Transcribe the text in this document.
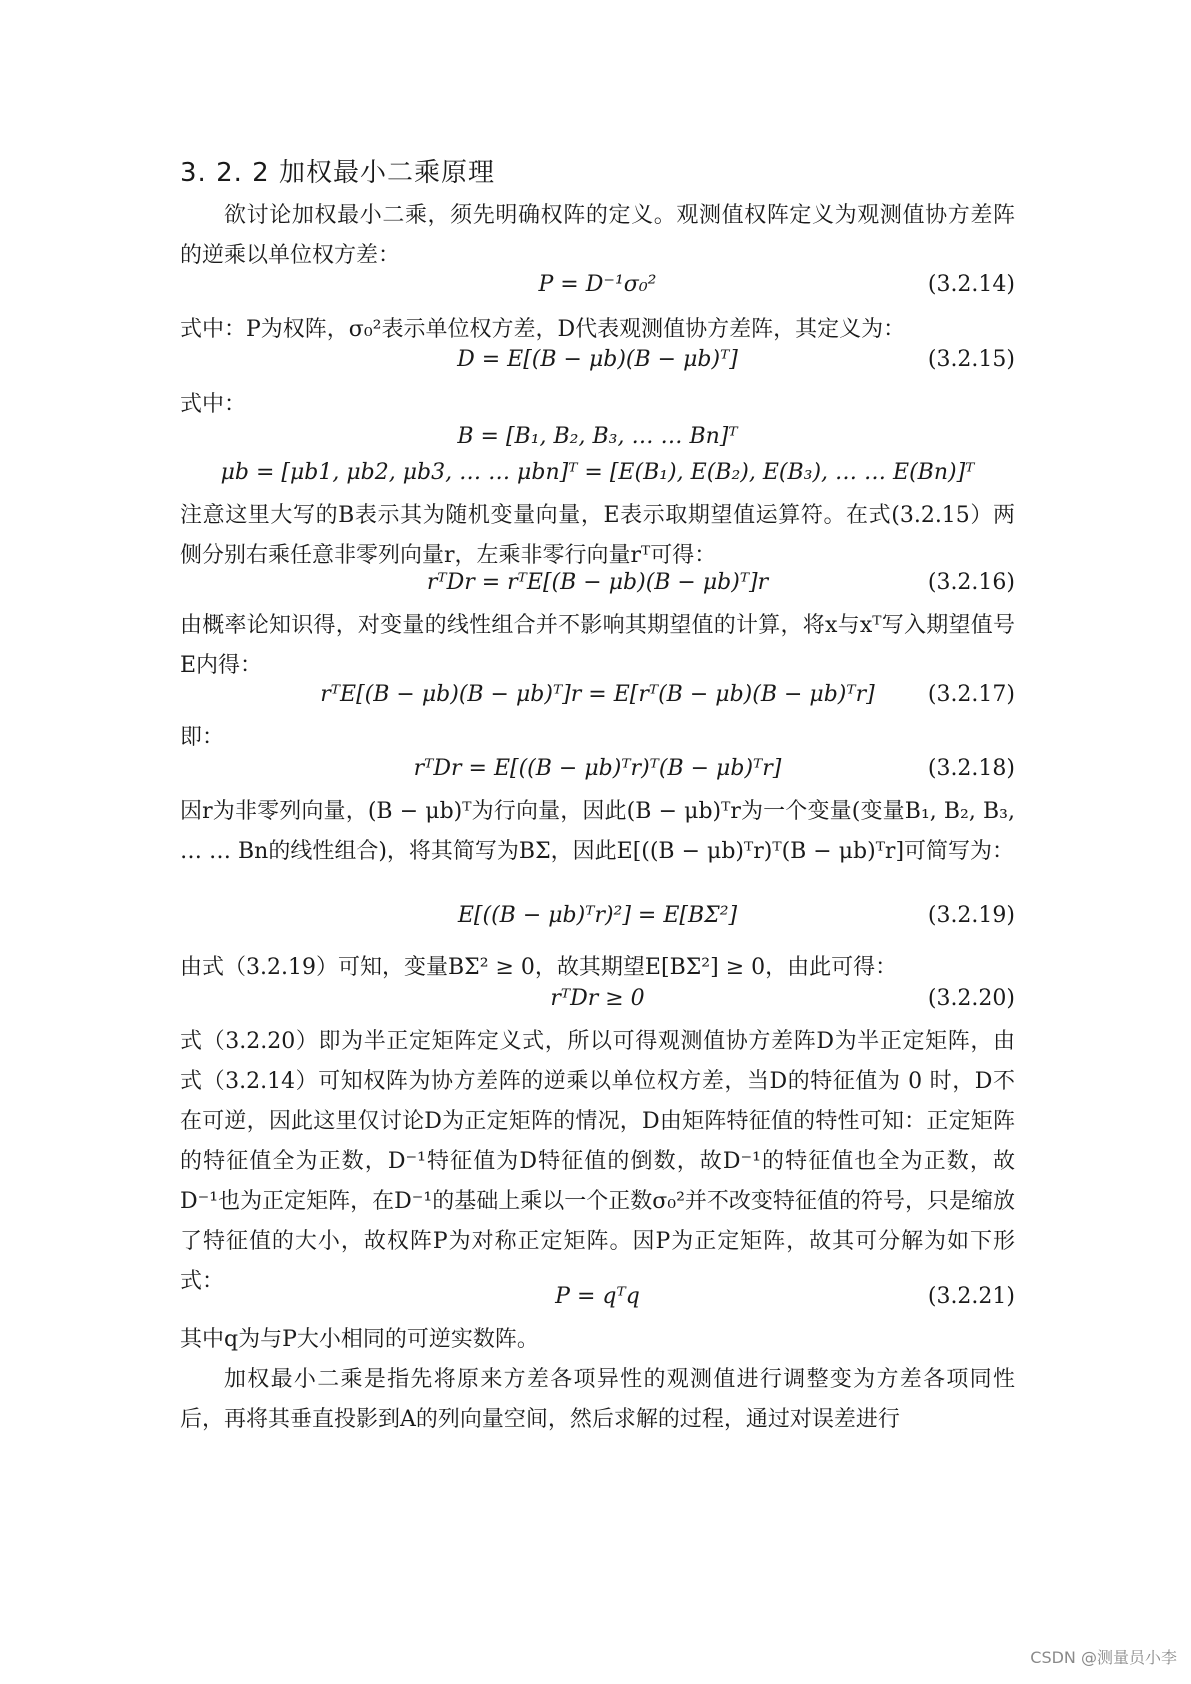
3. 2. 2 加权最小二乘原理
欲讨论加权最小二乘，须先明确权阵的定义。观测值权阵定义为观测值协方差阵的逆乘以单位权方差：
P = D⁻¹σ₀²	(3.2.14)
式中：P为权阵，σ₀²表示单位权方差，D代表观测值协方差阵，其定义为：
D = E[(B − μb)(B − μb)ᵀ]	(3.2.15)
式中：
B = [B₁, B₂, B₃, … … Bn]ᵀ
μb = [μb1, μb2, μb3, … … μbn]ᵀ = [E(B₁), E(B₂), E(B₃), … … E(Bn)]ᵀ
注意这里大写的B表示其为随机变量向量，E表示取期望值运算符。在式(3.2.15）两侧分别右乘任意非零列向量r，左乘非零行向量rᵀ可得：
rᵀDr = rᵀE[(B − μb)(B − μb)ᵀ]r	(3.2.16)
由概率论知识得，对变量的线性组合并不影响其期望值的计算，将x与xᵀ写入期望值号E内得：
rᵀE[(B − μb)(B − μb)ᵀ]r = E[rᵀ(B − μb)(B − μb)ᵀr]	(3.2.17)
即：
rᵀDr = E[((B − μb)ᵀr)ᵀ(B − μb)ᵀr]	(3.2.18)
因r为非零列向量，(B − μb)ᵀ为行向量，因此(B − μb)ᵀr为一个变量(变量B₁, B₂, B₃, … … Bn的线性组合)，将其简写为BΣ，因此E[((B − μb)ᵀr)ᵀ(B − μb)ᵀr]可简写为：
E[((B − μb)ᵀr)²] = E[BΣ²]	(3.2.19)
由式（3.2.19）可知，变量BΣ² ≥ 0，故其期望E[BΣ²] ≥ 0，由此可得：
rᵀDr ≥ 0	(3.2.20)
式（3.2.20）即为半正定矩阵定义式，所以可得观测值协方差阵D为半正定矩阵，由式（3.2.14）可知权阵为协方差阵的逆乘以单位权方差，当D的特征值为 0 时，D不在可逆，因此这里仅讨论D为正定矩阵的情况，D由矩阵特征值的特性可知：正定矩阵的特征值全为正数，D⁻¹特征值为D特征值的倒数，故D⁻¹的特征值也全为正数，故D⁻¹也为正定矩阵，在D⁻¹的基础上乘以一个正数σ₀²并不改变特征值的符号，只是缩放了特征值的大小，故权阵P为对称正定矩阵。因P为正定矩阵，故其可分解为如下形式：
P = qᵀq	(3.2.21)
其中q为与P大小相同的可逆实数阵。
加权最小二乘是指先将原来方差各项异性的观测值进行调整变为方差各项同性后，再将其垂直投影到A的列向量空间，然后求解的过程，通过对误差进行
CSDN @测量员小李
